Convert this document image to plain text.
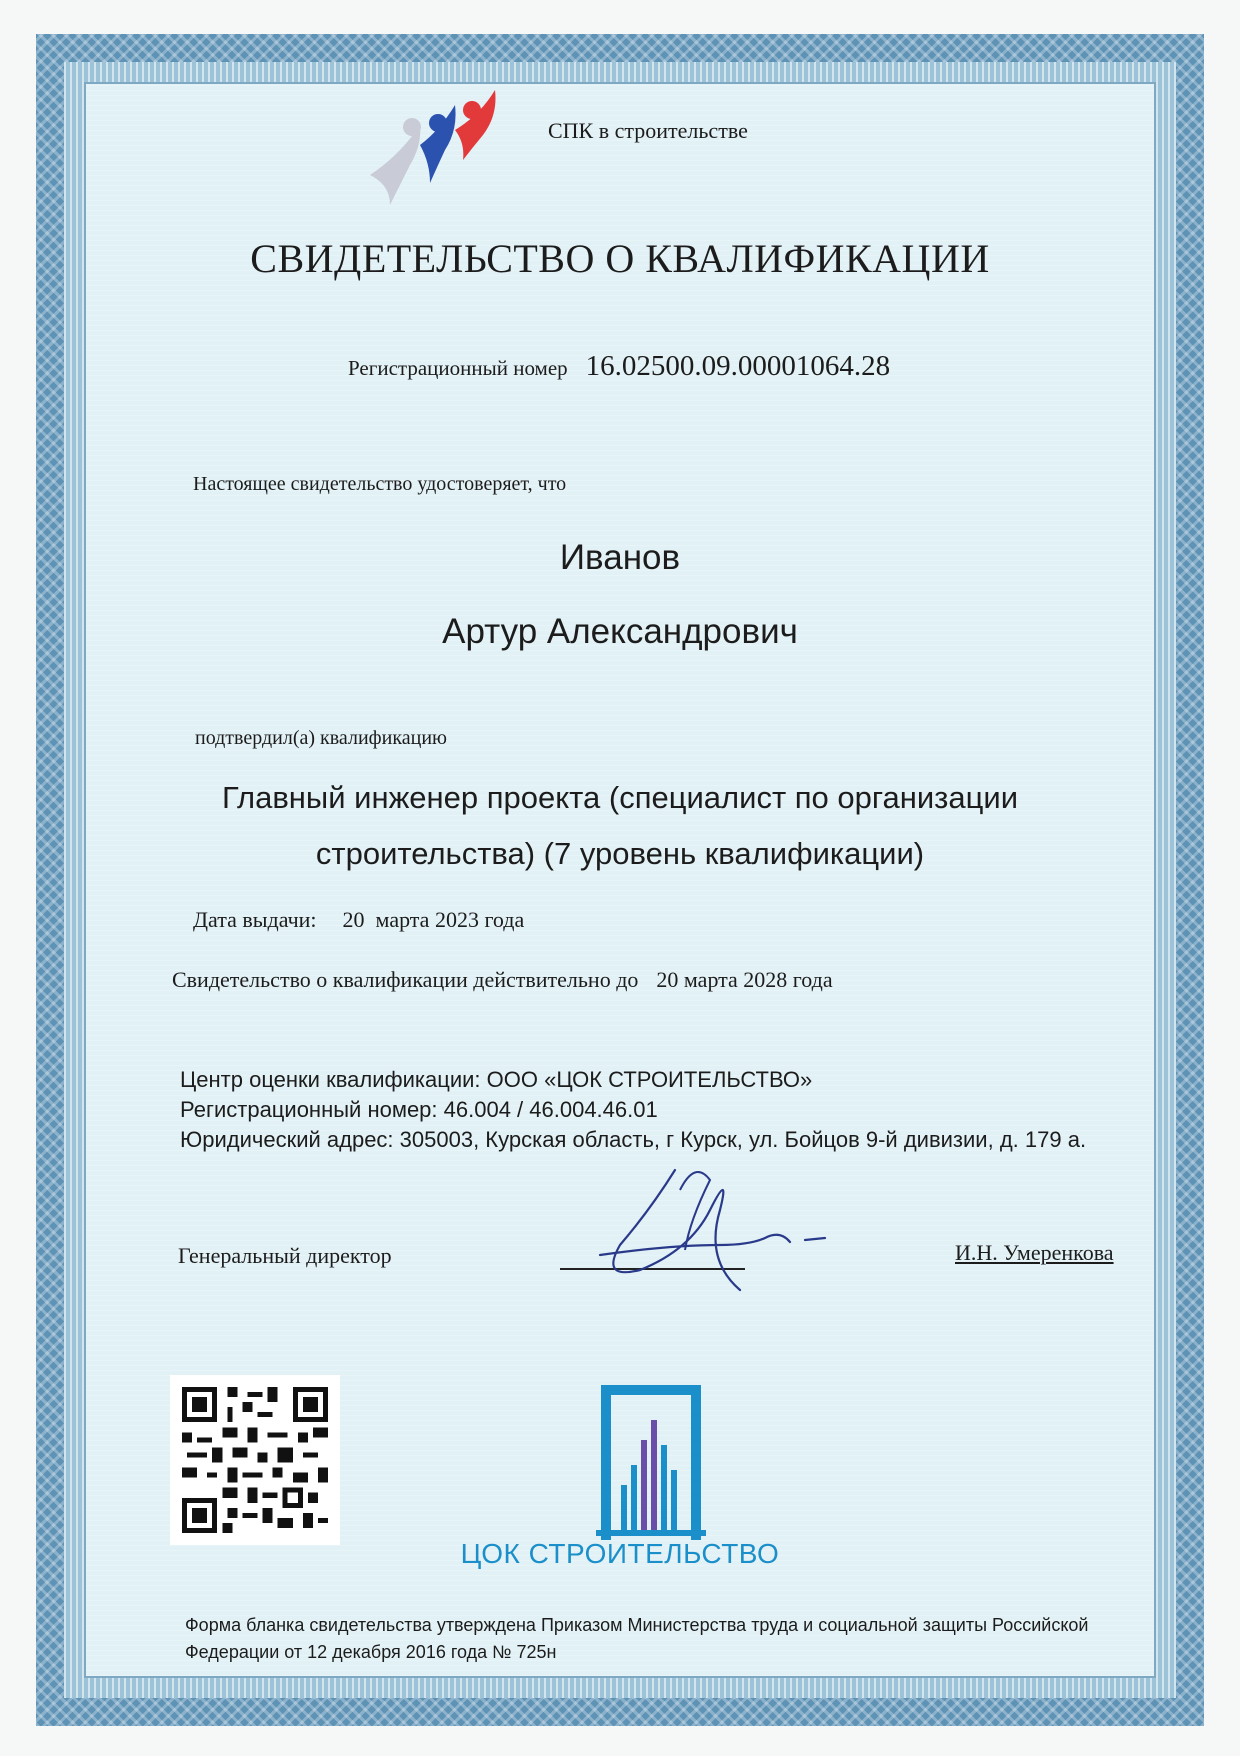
СПК в строительстве
СВИДЕТЕЛЬСТВО О КВАЛИФИКАЦИИ
Регистрационный номер 16.02500.09.00001064.28
Настоящее свидетельство удостоверяет, что
Иванов
Артур Александрович
подтвердил(а) квалификацию
Главный инженер проекта (специалист по организации
строительства) (7 уровень квалификации)
Дата выдачи: 20  марта 2023 года
Свидетельство о квалификации действительно до 20 марта 2028 года
Центр оценки квалификации: ООО «ЦОК СТРОИТЕЛЬСТВО»
Регистрационный номер: 46.004 / 46.004.46.01
Юридический адрес: 305003, Курская область, г Курск, ул. Бойцов 9-й дивизии, д. 179 а.
Генеральный директор	И.Н. Умеренкова
ЦОК СТРОИТЕЛЬСТВО
Форма бланка свидетельства утверждена Приказом Министерства труда и социальной защиты Российской
Федерации от 12 декабря 2016 года № 725н
